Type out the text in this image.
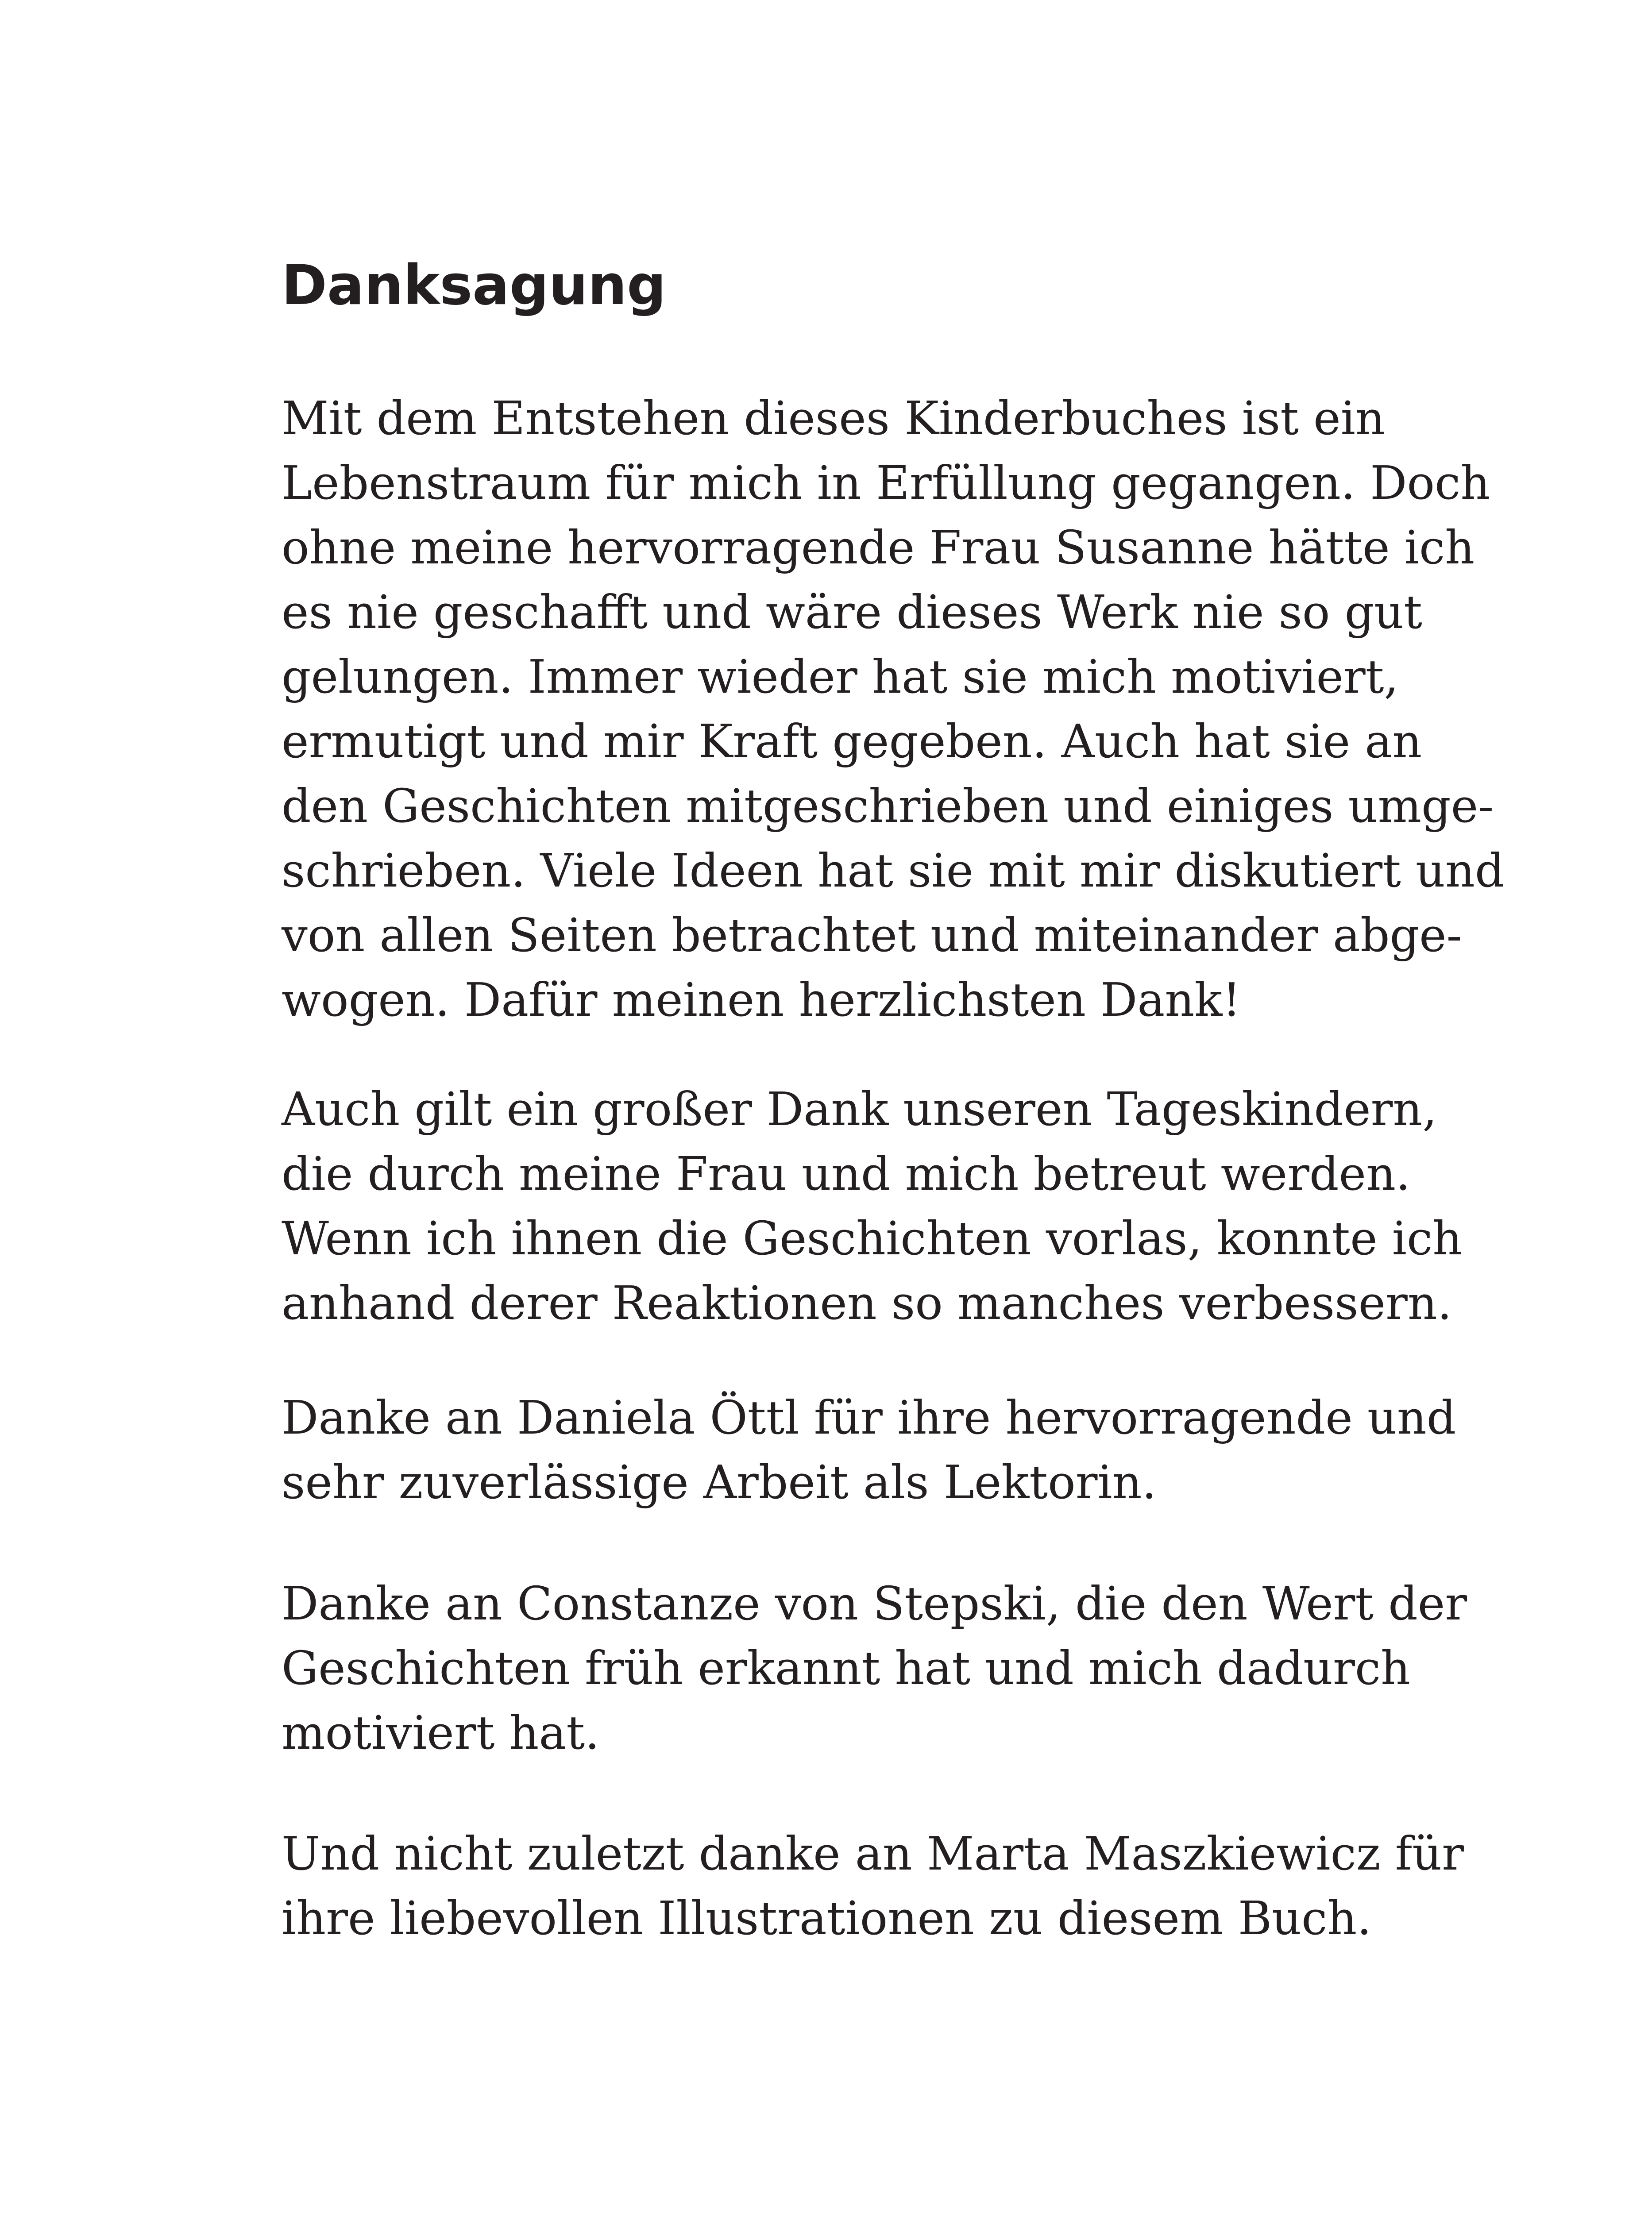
Danksagung

Mit dem Entstehen dieses Kinderbuches ist ein
Lebenstraum für mich in Erfüllung gegangen. Doch
ohne meine hervorragende Frau Susanne hätte ich
es nie geschafft und wäre dieses Werk nie so gut
gelungen. Immer wieder hat sie mich motiviert,
ermutigt und mir Kraft gegeben. Auch hat sie an
den Geschichten mitgeschrieben und einiges umge-
schrieben. Viele Ideen hat sie mit mir diskutiert und
von allen Seiten betrachtet und miteinander abge-
wogen. Dafür meinen herzlichsten Dank!

Auch gilt ein großer Dank unseren Tageskindern,
die durch meine Frau und mich betreut werden.
Wenn ich ihnen die Geschichten vorlas, konnte ich
anhand derer Reaktionen so manches verbessern.

Danke an Daniela Öttl für ihre hervorragende und
sehr zuverlässige Arbeit als Lektorin.

Danke an Constanze von Stepski, die den Wert der
Geschichten früh erkannt hat und mich dadurch
motiviert hat.

Und nicht zuletzt danke an Marta Maszkiewicz für
ihre liebevollen Illustrationen zu diesem Buch.
